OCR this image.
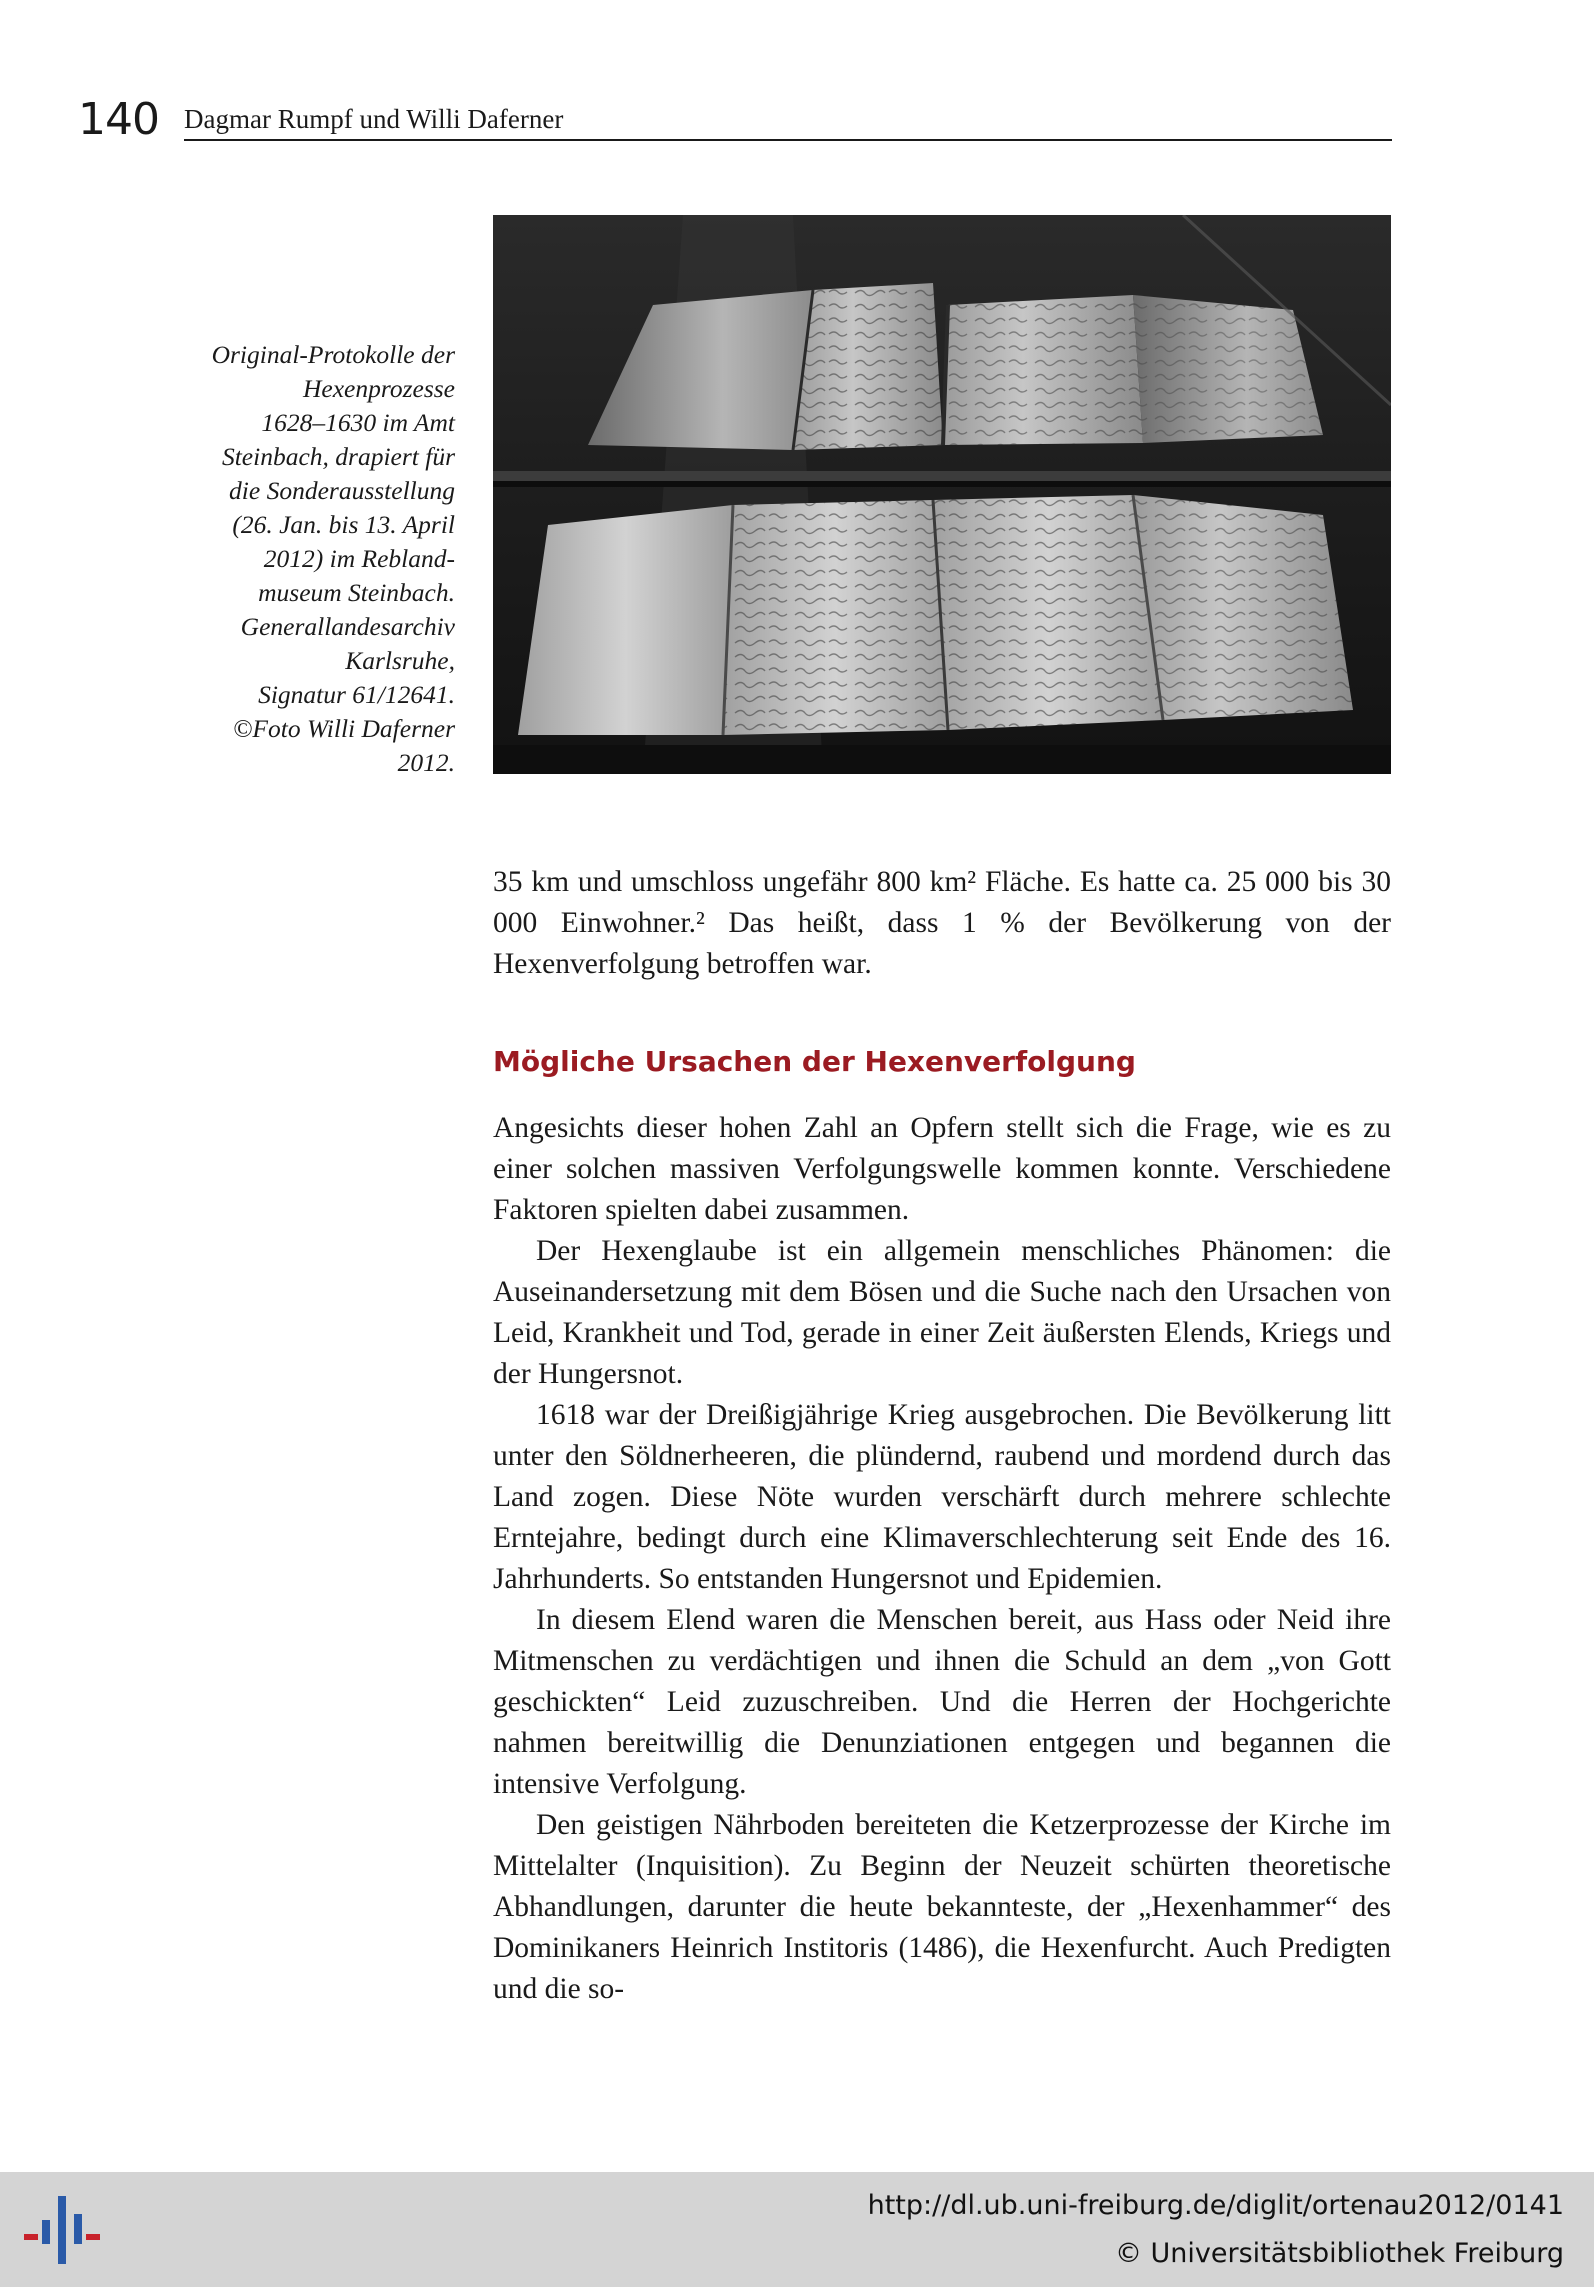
140 Dagmar Rumpf und Willi Daferner
Original-Protokolle der
Hexenprozesse
1628–1630 im Amt
Steinbach, drapiert für
die Sonderausstellung
(26. Jan. bis 13. April
2012) im Rebland-
museum Steinbach.
Generallandesarchiv
Karlsruhe,
Signatur 61/12641.
©Foto Willi Daferner
2012.

35 km und umschloss ungefähr 800 km² Fläche. Es hatte ca. 25 000 bis 30 000 Einwohner.² Das heißt, dass 1 % der Bevölkerung von der Hexenverfolgung betroffen war.

Mögliche Ursachen der Hexenverfolgung

Angesichts dieser hohen Zahl an Opfern stellt sich die Frage, wie es zu einer solchen massiven Verfolgungswelle kommen konnte. Verschiedene Faktoren spielten dabei zusammen.

Der Hexenglaube ist ein allgemein menschliches Phänomen: die Auseinandersetzung mit dem Bösen und die Suche nach den Ursachen von Leid, Krankheit und Tod, gerade in einer Zeit äußersten Elends, Kriegs und der Hungersnot.

1618 war der Dreißigjährige Krieg ausgebrochen. Die Bevölkerung litt unter den Söldnerheeren, die plündernd, raubend und mordend durch das Land zogen. Diese Nöte wurden verschärft durch mehrere schlechte Erntejahre, bedingt durch eine Klimaverschlechterung seit Ende des 16. Jahrhunderts. So entstanden Hungersnot und Epidemien.

In diesem Elend waren die Menschen bereit, aus Hass oder Neid ihre Mitmenschen zu verdächtigen und ihnen die Schuld an dem „von Gott geschickten“ Leid zuzuschreiben. Und die Herren der Hochgerichte nahmen bereitwillig die Denunziationen entgegen und begannen die intensive Verfolgung.

Den geistigen Nährboden bereiteten die Ketzerprozesse der Kirche im Mittelalter (Inquisition). Zu Beginn der Neuzeit schürten theoretische Abhandlungen, darunter die heute bekannteste, der „Hexenhammer“ des Dominikaners Heinrich Institoris (1486), die Hexenfurcht. Auch Predigten und die so-

http://dl.ub.uni-freiburg.de/diglit/ortenau2012/0141
© Universitätsbibliothek Freiburg
